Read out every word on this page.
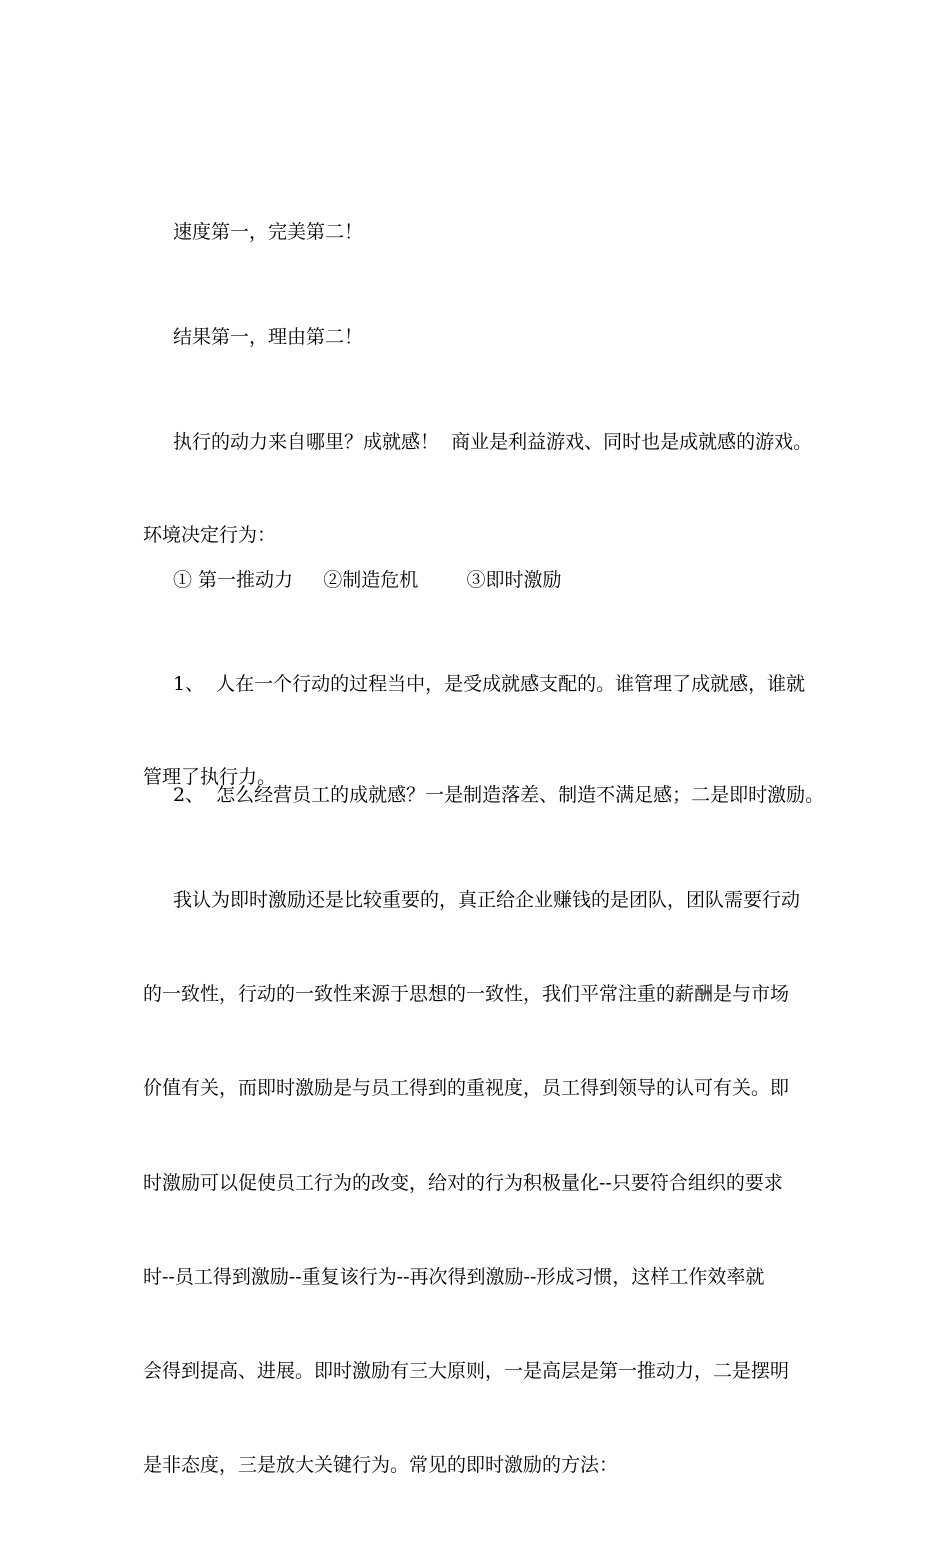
速度第一，完美第二！

结果第一，理由第二！

执行的动力来自哪里？成就感！  商业是利益游戏、同时也是成就感的游戏。

环境决定行为：

① 第一推动力     ②制造危机        ③即时激励

1、  人在一个行动的过程当中，是受成就感支配的。谁管理了成就感，谁就

管理了执行力。

2、  怎么经营员工的成就感？一是制造落差、制造不满足感；二是即时激励。

我认为即时激励还是比较重要的，真正给企业赚钱的是团队，团队需要行动

的一致性，行动的一致性来源于思想的一致性，我们平常注重的薪酬是与市场

价值有关，而即时激励是与员工得到的重视度，员工得到领导的认可有关。即

时激励可以促使员工行为的改变，给对的行为积极量化--只要符合组织的要求

时--员工得到激励--重复该行为--再次得到激励--形成习惯，这样工作效率就

会得到提高、进展。即时激励有三大原则，一是高层是第一推动力，二是摆明

是非态度，三是放大关键行为。常见的即时激励的方法：
